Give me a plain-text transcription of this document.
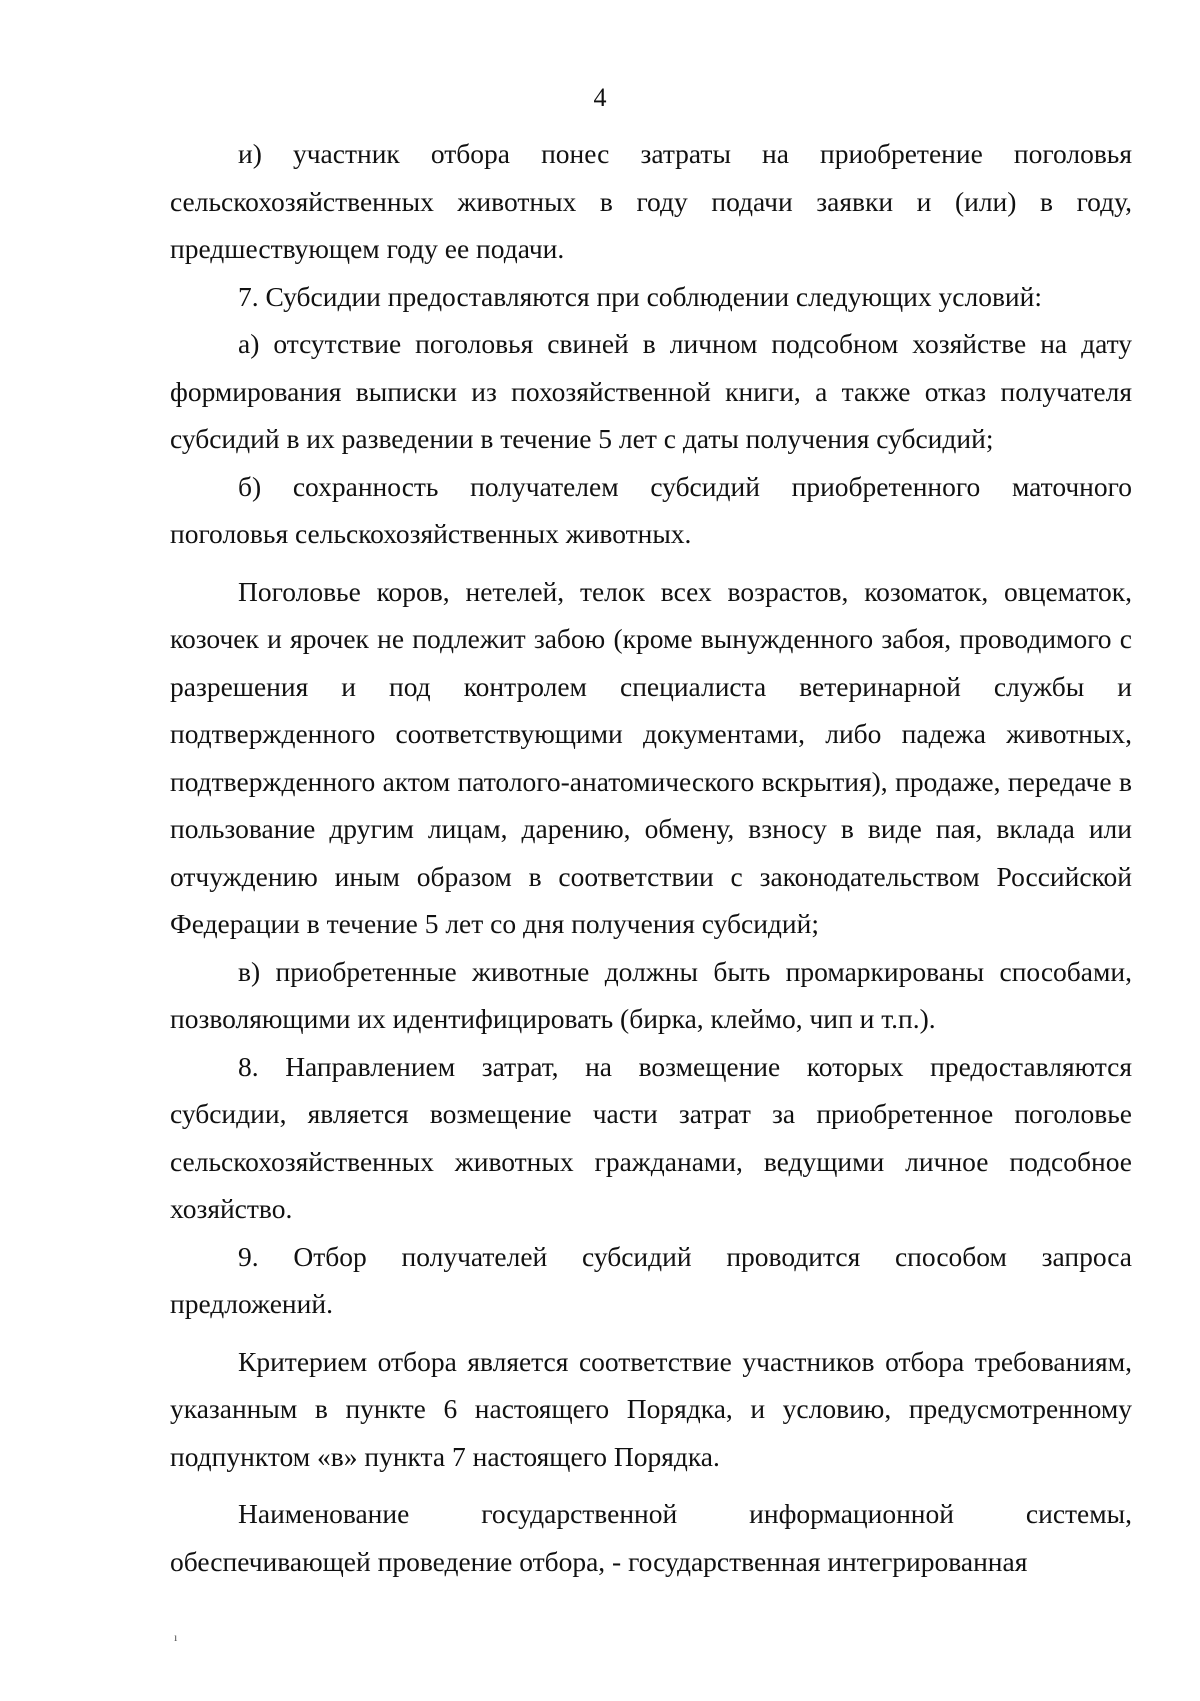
4

и) участник отбора понес затраты на приобретение поголовья сельскохозяйственных животных в году подачи заявки и (или) в году, предшествующем году ее подачи.

7. Субсидии предоставляются при соблюдении следующих условий:

а) отсутствие поголовья свиней в личном подсобном хозяйстве на дату формирования выписки из похозяйственной книги, а также отказ получателя субсидий в их разведении в течение 5 лет с даты получения субсидий;

б) сохранность получателем субсидий приобретенного маточного поголовья сельскохозяйственных животных.

Поголовье коров, нетелей, телок всех возрастов, козоматок, овцематок, козочек и ярочек не подлежит забою (кроме вынужденного забоя, проводимого с разрешения и под контролем специалиста ветеринарной службы и подтвержденного соответствующими документами, либо падежа животных, подтвержденного актом патолого-анатомического вскрытия), продаже, передаче в пользование другим лицам, дарению, обмену, взносу в виде пая, вклада или отчуждению иным образом в соответствии с законодательством Российской Федерации в течение 5 лет со дня получения субсидий;

в) приобретенные животные должны быть промаркированы способами, позволяющими их идентифицировать (бирка, клеймо, чип и т.п.).

8. Направлением затрат, на возмещение которых предоставляются субсидии, является возмещение части затрат за приобретенное поголовье сельскохозяйственных животных гражданами, ведущими личное подсобное хозяйство.

9. Отбор получателей субсидий проводится способом запроса предложений.

Критерием отбора является соответствие участников отбора требованиям, указанным в пункте 6 настоящего Порядка, и условию, предусмотренному подпунктом «в» пункта 7 настоящего Порядка.

Наименование государственной информационной системы, обеспечивающей проведение отбора, - государственная интегрированная

ı
